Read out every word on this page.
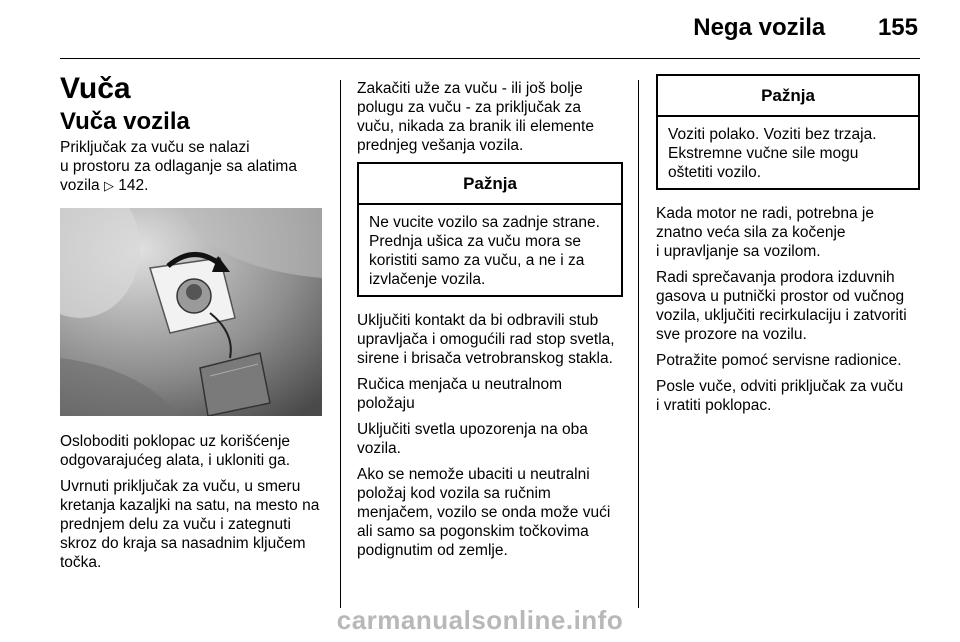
Nega vozila 155
Vuča
Vuča vozila

Priključak za vuču se nalazi
u prostoru za odlaganje sa alatima
vozila ▷ 142.

Osloboditi poklopac uz korišćenje
odgovarajućeg alata, i ukloniti ga.

Uvrnuti priključak za vuču, u smeru
kretanja kazaljki na satu, na mesto na
prednjem delu za vuču i zategnuti
skroz do kraja sa nasadnim ključem
točka.

Zakačiti uže za vuču - ili još bolje
polugu za vuču - za priključak za
vuču, nikada za branik ili elemente
prednjeg vešanja vozila.

Pažnja
Ne vucite vozilo sa zadnje strane.
Prednja ušica za vuču mora se
koristiti samo za vuču, a ne i za
izvlačenje vozila.

Uključiti kontakt da bi odbravili stub
upravljača i omogućili rad stop svetla,
sirene i brisača vetrobranskog stakla.

Ručica menjača u neutralnom
položaju

Uključiti svetla upozorenja na oba
vozila.

Ako se nemože ubaciti u neutralni
položaj kod vozila sa ručnim
menjačem, vozilo se onda može vući
ali samo sa pogonskim točkovima
podignutim od zemlje.

Pažnja
Voziti polako. Voziti bez trzaja.
Ekstremne vučne sile mogu
oštetiti vozilo.

Kada motor ne radi, potrebna je
znatno veća sila za kočenje
i upravljanje sa vozilom.

Radi sprečavanja prodora izduvnih
gasova u putnički prostor od vučnog
vozila, uključiti recirkulaciju i zatvoriti
sve prozore na vozilu.

Potražite pomoć servisne radionice.

Posle vuče, odviti priključak za vuču
i vratiti poklopac.

carmanualsonline.info
